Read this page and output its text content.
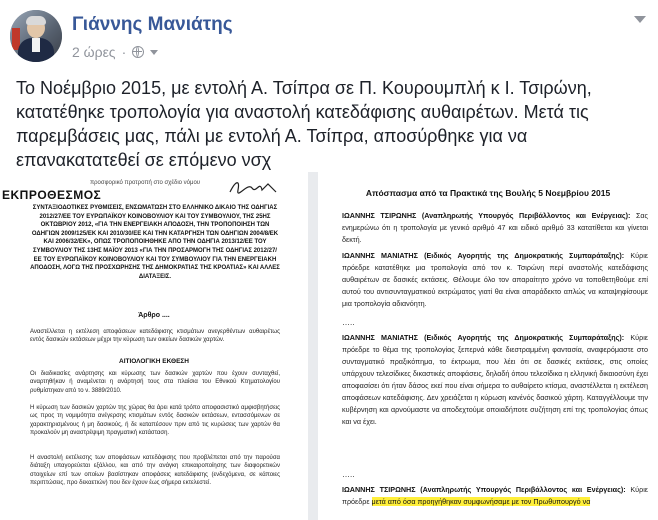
Γιάννης Μανιάτης
2 ώρες ·
Το Νοέμβριο 2015, με εντολή Α. Τσίπρα σε Π. Κουρουμπλή κ Ι. Τσιρώνη, κατατέθηκε τροπολογία για αναστολή κατεδάφισης αυθαιρέτων. Μετά τις παρεμβάσεις μας, πάλι με εντολή Α. Τσίπρα, αποσύρθηκε για να επανακατατεθεί σε επόμενο νσχ
προσφορικό προτροπή στο σχέδιο νόμου
ΕΚΠΡΟΘΕΣΜΟΣ
ΣΥΝΤΑΞΙΟΔΟΤΙΚΕΣ ΡΥΘΜΙΣΕΙΣ, ΕΝΣΩΜΑΤΩΣΗ ΣΤΟ ΕΛΛΗΝΙΚΟ ΔΙΚΑΙΟ ΤΗΣ ΟΔΗΓΙΑΣ 2012/27/ΕΕ ΤΟΥ ΕΥΡΩΠΑΪΚΟΥ ΚΟΙΝΟΒΟΥΛΙΟΥ ΚΑΙ ΤΟΥ ΣΥΜΒΟΥΛΙΟΥ, ΤΗΣ 25ΗΣ ΟΚΤΩΒΡΙΟΥ 2012, «ΓΙΑ ΤΗΝ ΕΝΕΡΓΕΙΑΚΗ ΑΠΟΔΟΣΗ, ΤΗΝ ΤΡΟΠΟΠΟΙΗΣΗ ΤΩΝ ΟΔΗΓΙΩΝ 2009/125/ΕΚ ΚΑΙ 2010/30/ΕΕ ΚΑΙ ΤΗΝ ΚΑΤΑΡΓΗΣΗ ΤΩΝ ΟΔΗΓΙΩΝ 2004/8/ΕΚ ΚΑΙ 2006/32/ΕΚ», ΟΠΩΣ ΤΡΟΠΟΠΟΙΗΘΗΚΕ ΑΠΟ ΤΗΝ ΟΔΗΓΙΑ 2013/12/ΕΕ ΤΟΥ ΣΥΜΒΟΥΛΙΟΥ ΤΗΣ 13ΗΣ ΜΑΪΟΥ 2013 «ΓΙΑ ΤΗΝ ΠΡΟΣΑΡΜΟΓΗ ΤΗΣ ΟΔΗΓΙΑΣ 2012/27/ΕΕ ΤΟΥ ΕΥΡΩΠΑΪΚΟΥ ΚΟΙΝΟΒΟΥΛΙΟΥ ΚΑΙ ΤΟΥ ΣΥΜΒΟΥΛΙΟΥ ΓΙΑ ΤΗΝ ΕΝΕΡΓΕΙΑΚΗ ΑΠΟΔΟΣΗ, ΛΟΓΩ ΤΗΣ ΠΡΟΣΧΩΡΗΣΗΣ ΤΗΣ ΔΗΜΟΚΡΑΤΙΑΣ ΤΗΣ ΚΡΟΑΤΙΑΣ» ΚΑΙ ΑΛΛΕΣ ΔΙΑΤΑΞΕΙΣ.
Άρθρο ....
Αναστέλλεται η εκτέλεση αποφάσεων κατεδάφισης κτισμάτων ανεγερθέντων αυθαιρέτως εντός δασικών εκτάσεων μέχρι την κύρωση των οικείων δασικών χαρτών.
ΑΙΤΙΟΛΟΓΙΚΗ ΕΚΘΕΣΗ
Οι διαδικασίες ανάρτησης και κύρωσης των δασικών χαρτών που έχουν συνταχθεί, αναρτηθήκαν ή αναμένεται η ανάρτησή τους στα πλαίσια του Εθνικού Κτηματολογίου ρυθμίστηκαν από το ν. 3889/2010.
Η κύρωση των δασικών χαρτών της χώρας θα άρει κατά τρόπο αποφασιστικό αμφισβητήσεις ως προς τη νομιμότητα ανέγερσης κτισμάτων εντός δασικών εκτάσεων, εντασσόμενων σε χαρακτηρισμένους ή μη δασικούς, ή δε καταπέσουν πριν από τις κυρώσεις των χαρτών θα προκαλούν μη αναστρέψιμη πραγματική κατάσταση.
Η αναστολή εκτέλεσης των αποφάσεων κατεδάφισης που προβλέπεται από την παρούσα διάταξη υπαγορεύεται εξάλλου, και από την ανάγκη επικαιροποίησης των διαφορετικών στοιχείων επί των οποίων βασίστηκαν αποφάσεις κατεδάφισης (ενδεχόμενα, σε κάποιες περιπτώσεις, προ δεκαετιών) που δεν έχουν έως σήμερα εκτελεστεί.
Απόσπασμα από τα Πρακτικά της Βουλής 5 Νοεμβρίου 2015
ΙΩΑΝΝΗΣ ΤΣΙΡΩΝΗΣ (Αναπληρωτής Υπουργός Περιβάλλοντος και Ενέργειας): Σας ενημερώνω ότι η τροπολογία με γενικό αριθμό 47 και ειδικό αριθμό 33 κατατίθεται και γίνεται δεκτή.
ΙΩΑΝΝΗΣ ΜΑΝΙΑΤΗΣ (Ειδικός Αγορητής της Δημοκρατικής Συμπαράταξης): Κύριε πρόεδρε κατατέθηκε μια τροπολογία από τον κ. Τσιρώνη περί αναστολής κατεδάφισης αυθαιρέτων σε δασικές εκτάσεις. Θέλουμε όλο τον απαραίτητο χρόνο να τοποθετηθούμε επί αυτού του αντισυνταγματικού εκτρώματος γιατί θα είναι απαράδεκτο απλώς να καταψηφίσουμε μια τροπολογία αδιανόητη.
…..
ΙΩΑΝΝΗΣ ΜΑΝΙΑΤΗΣ (Ειδικός Αγορητής της Δημοκρατικής Συμπαράταξης): Κύριε πρόεδρε το θέμα της τροπολογίας ξεπερνά κάθε διεστραμμένη φαντασία, αναφερόμαστε στο συνταγματικό πραξικόπημα, το έκτρωμα, που λέει ότι σε δασικές εκτάσεις, στις οποίες υπάρχουν τελεσίδικες δικαστικές αποφάσεις, δηλαδή όπου τελεσίδικα η ελληνική δικαιοσύνη έχει αποφασίσει ότι ήταν δάσος εκεί που είναι σήμερα το αυθαίρετο κτίσμα, αναστέλλεται η εκτέλεση αποφάσεων κατεδάφισης. Δεν χρειάζεται η κύρωση κανένός δασικού χάρτη. Καταγγέλλουμε την κυβέρνηση και αρνούμαστε να αποδεχτούμε οποιαδήποτε συζήτηση επί της τροπολογίας όπως και να έχει.
…..
ΙΩΑΝΝΗΣ ΤΣΙΡΩΝΗΣ (Αναπληρωτής Υπουργός Περιβάλλοντος και Ενέργειας): Κύριε πρόεδρε μετά από όσα προηγήθηκαν συμφωνήσαμε με τον Πρωθυπουργό να
